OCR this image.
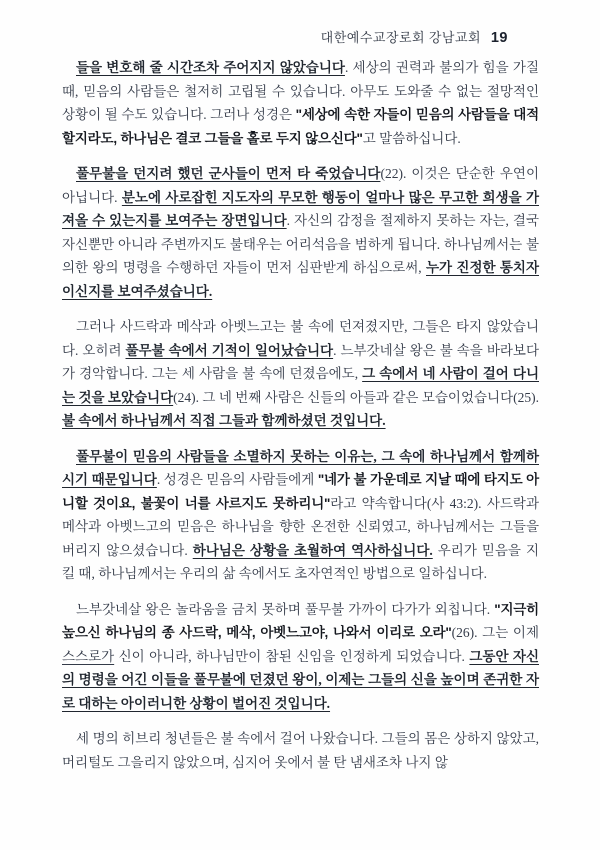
대한예수교장로회 강남교회 19

들을 변호해 줄 시간조차 주어지지 않았습니다. 세상의 권력과 불의가 힘을 가질 때, 믿음의 사람들은 철저히 고립될 수 있습니다. 아무도 도와줄 수 없는 절망적인 상황이 될 수도 있습니다. 그러나 성경은 "세상에 속한 자들이 믿음의 사람들을 대적할지라도, 하나님은 결코 그들을 홀로 두지 않으신다"고 말씀하십니다.

풀무불을 던지려 했던 군사들이 먼저 타 죽었습니다(22). 이것은 단순한 우연이 아닙니다. 분노에 사로잡힌 지도자의 무모한 행동이 얼마나 많은 무고한 희생을 가져올 수 있는지를 보여주는 장면입니다. 자신의 감정을 절제하지 못하는 자는, 결국 자신뿐만 아니라 주변까지도 불태우는 어리석음을 범하게 됩니다. 하나님께서는 불의한 왕의 명령을 수행하던 자들이 먼저 심판받게 하심으로써, 누가 진정한 통치자이신지를 보여주셨습니다.

그러나 사드락과 메삭과 아벳느고는 불 속에 던져졌지만, 그들은 타지 않았습니다. 오히려 풀무불 속에서 기적이 일어났습니다. 느부갓네살 왕은 불 속을 바라보다가 경악합니다. 그는 세 사람을 불 속에 던졌음에도, 그 속에서 네 사람이 걸어 다니는 것을 보았습니다(24). 그 네 번째 사람은 신들의 아들과 같은 모습이었습니다(25). 불 속에서 하나님께서 직접 그들과 함께하셨던 것입니다.

풀무불이 믿음의 사람들을 소멸하지 못하는 이유는, 그 속에 하나님께서 함께하시기 때문입니다. 성경은 믿음의 사람들에게 "네가 불 가운데로 지날 때에 타지도 아니할 것이요, 불꽃이 너를 사르지도 못하리니"라고 약속합니다(사 43:2). 사드락과 메삭과 아벳느고의 믿음은 하나님을 향한 온전한 신뢰였고, 하나님께서는 그들을 버리지 않으셨습니다. 하나님은 상황을 초월하여 역사하십니다. 우리가 믿음을 지킬 때, 하나님께서는 우리의 삶 속에서도 초자연적인 방법으로 일하십니다.

느부갓네살 왕은 놀라움을 금치 못하며 풀무불 가까이 다가가 외칩니다. "지극히 높으신 하나님의 종 사드락, 메삭, 아벳느고야, 나와서 이리로 오라"(26). 그는 이제 스스로가 신이 아니라, 하나님만이 참된 신임을 인정하게 되었습니다. 그동안 자신의 명령을 어긴 이들을 풀무불에 던졌던 왕이, 이제는 그들의 신을 높이며 존귀한 자로 대하는 아이러니한 상황이 벌어진 것입니다.

세 명의 히브리 청년들은 불 속에서 걸어 나왔습니다. 그들의 몸은 상하지 않았고, 머리털도 그을리지 않았으며, 심지어 옷에서 불 탄 냄새조차 나지 않
